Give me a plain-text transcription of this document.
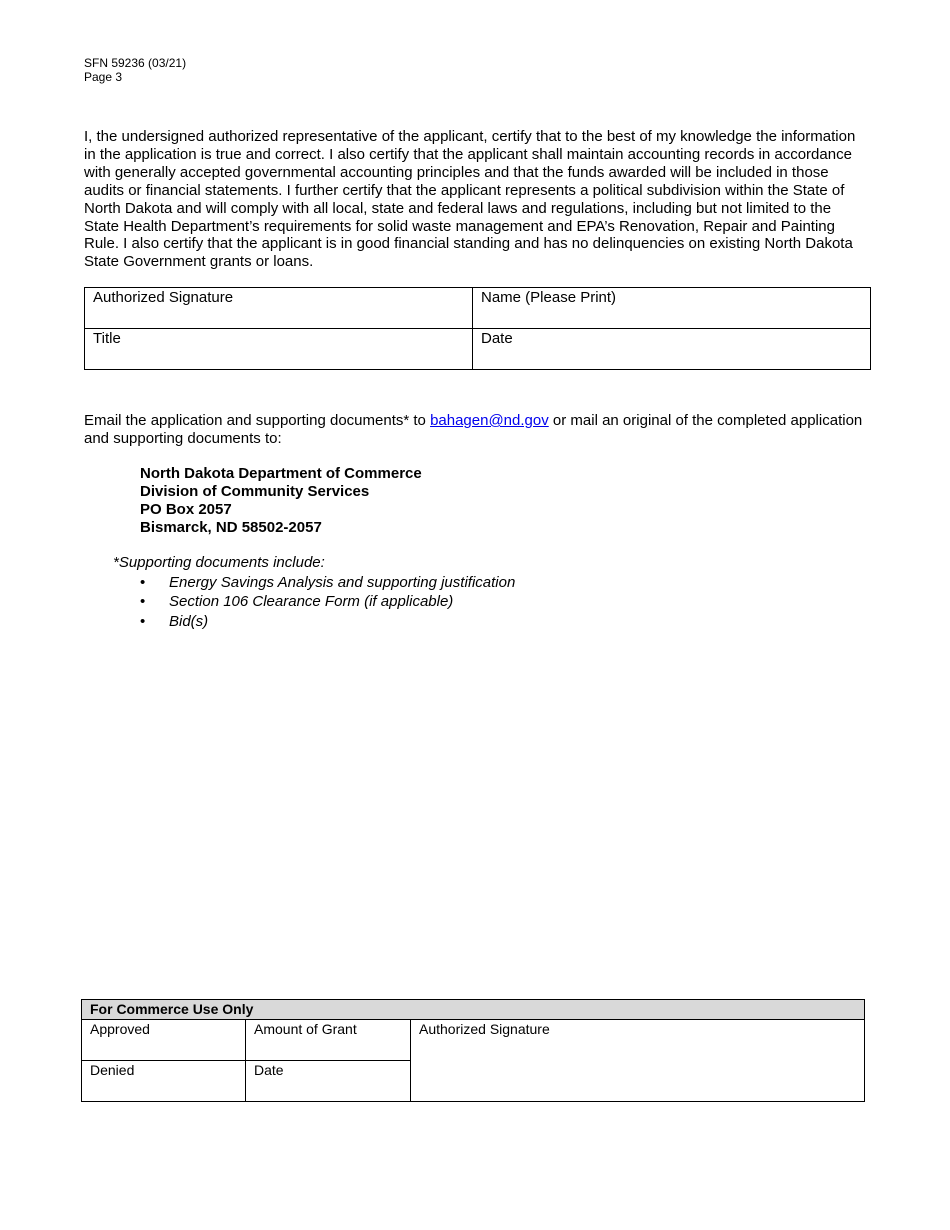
SFN 59236 (03/21)
Page 3

I, the undersigned authorized representative of the applicant, certify that to the best of my knowledge the information in the application is true and correct. I also certify that the applicant shall maintain accounting records in accordance with generally accepted governmental accounting principles and that the funds awarded will be included in those audits or financial statements. I further certify that the applicant represents a political subdivision within the State of North Dakota and will comply with all local, state and federal laws and regulations, including but not limited to the State Health Department’s requirements for solid waste management and EPA’s Renovation, Repair and Painting Rule. I also certify that the applicant is in good financial standing and has no delinquencies on existing North Dakota State Government grants or loans.

Authorized Signature	Name (Please Print)

Title	Date
Email the application and supporting documents* to bahagen@nd.gov or mail an original of the completed application and supporting documents to:
North Dakota Department of Commerce
Division of Community Services
PO Box 2057
Bismarck, ND 58502-2057
*Supporting documents include:
• Energy Savings Analysis and supporting justification
• Section 106 Clearance Form (if applicable)
• Bid(s)
For Commerce Use Only		

Approved	Amount of Grant	Authorized Signature

Denied	Date	
